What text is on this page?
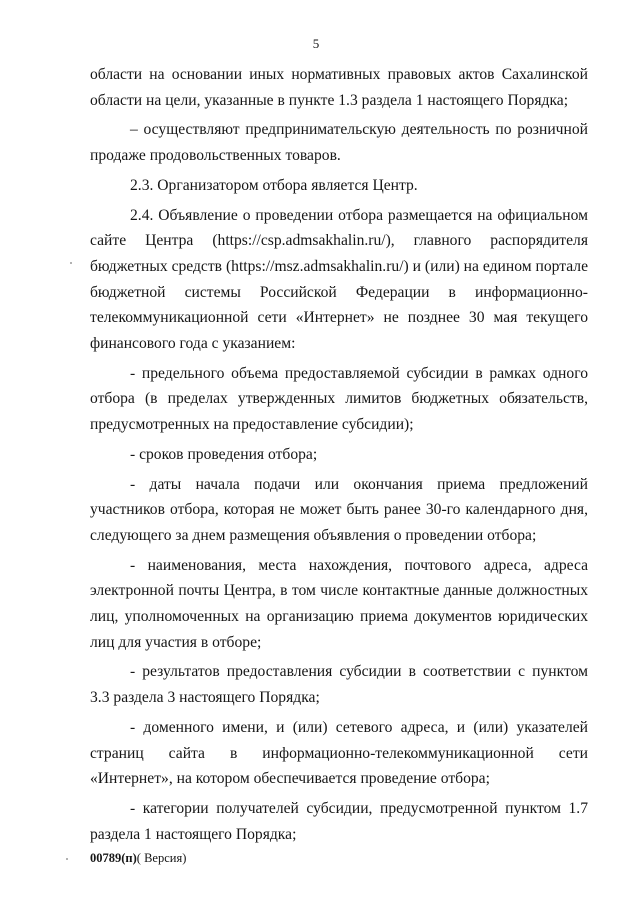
5

области на основании иных нормативных правовых актов Сахалинской области на цели, указанные в пункте 1.3 раздела 1 настоящего Порядка;

– осуществляют предпринимательскую деятельность по розничной продаже продовольственных товаров.

2.3. Организатором отбора является Центр.

2.4. Объявление о проведении отбора размещается на официальном сайте Центра (https://csp.admsakhalin.ru/), главного распорядителя бюджетных средств (https://msz.admsakhalin.ru/) и (или) на едином портале бюджетной системы Российской Федерации в информационно-телекоммуникационной сети «Интернет» не позднее 30 мая текущего финансового года с указанием:

- предельного объема предоставляемой субсидии в рамках одного отбора (в пределах утвержденных лимитов бюджетных обязательств, предусмотренных на предоставление субсидии);

- сроков проведения отбора;

- даты начала подачи или окончания приема предложений участников отбора, которая не может быть ранее 30-го календарного дня, следующего за днем размещения объявления о проведении отбора;

- наименования, места нахождения, почтового адреса, адреса электронной почты Центра, в том числе контактные данные должностных лиц, уполномоченных на организацию приема документов юридических лиц для участия в отборе;

- результатов предоставления субсидии в соответствии с пунктом 3.3 раздела 3 настоящего Порядка;

- доменного имени, и (или) сетевого адреса, и (или) указателей страниц сайта в информационно-телекоммуникационной сети «Интернет», на котором обеспечивается проведение отбора;

- категории получателей субсидии, предусмотренной пунктом 1.7 раздела 1 настоящего Порядка;

00789(п)( Версия)
